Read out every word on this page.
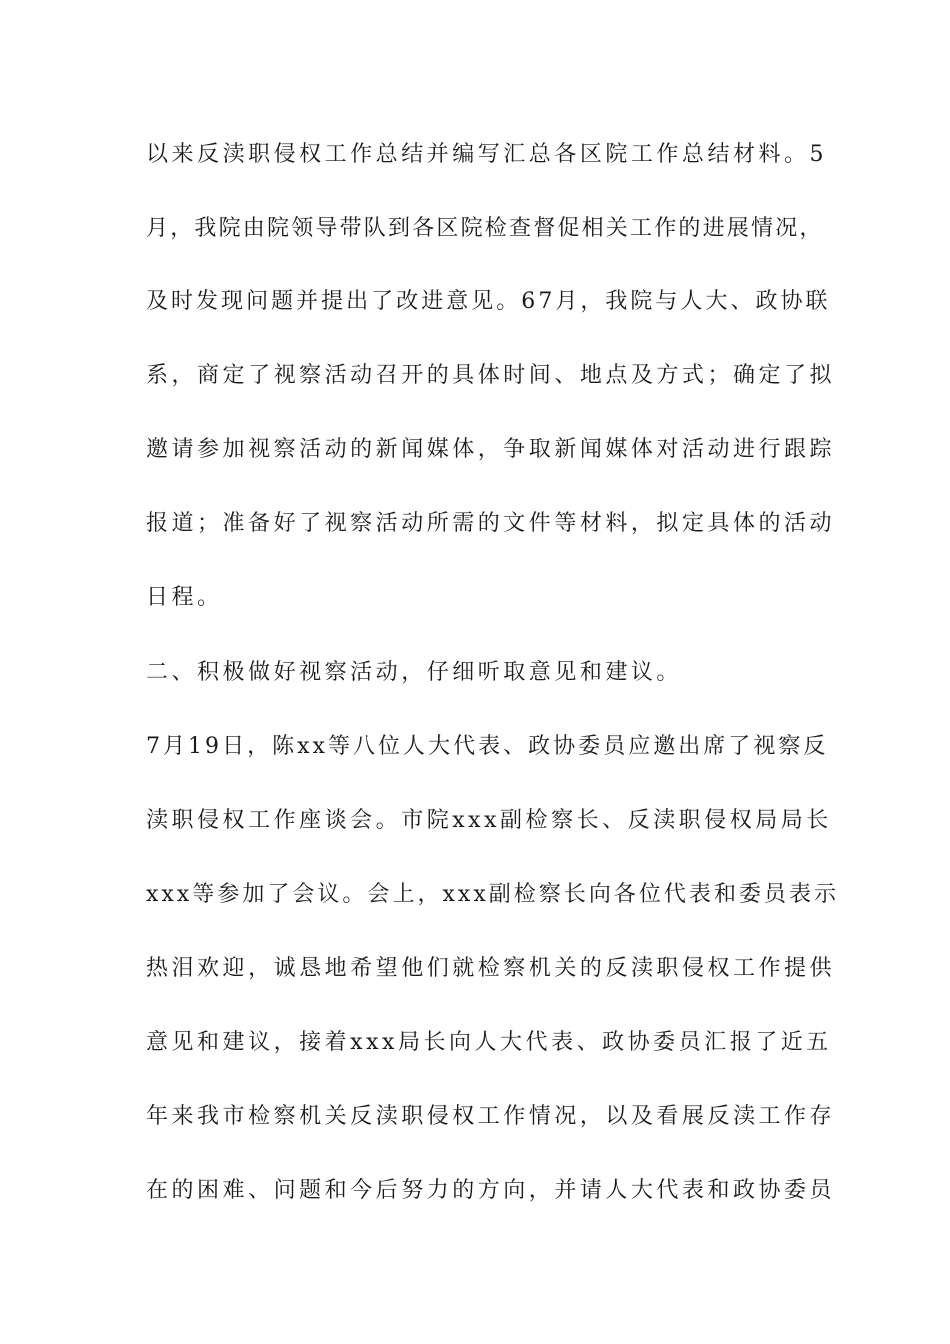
以来反渎职侵权工作总结并编写汇总各区院工作总结材料。5
月，我院由院领导带队到各区院检查督促相关工作的进展情况，
及时发现问题并提出了改进意见。67月，我院与人大、政协联
系，商定了视察活动召开的具体时间、地点及方式；确定了拟
邀请参加视察活动的新闻媒体，争取新闻媒体对活动进行跟踪
报道；准备好了视察活动所需的文件等材料，拟定具体的活动
日程。
二、积极做好视察活动，仔细听取意见和建议。
7月19日，陈xx等八位人大代表、政协委员应邀出席了视察反
渎职侵权工作座谈会。市院xxx副检察长、反渎职侵权局局长
xxx等参加了会议。会上，xxx副检察长向各位代表和委员表示
热泪欢迎，诚恳地希望他们就检察机关的反渎职侵权工作提供
意见和建议，接着xxx局长向人大代表、政协委员汇报了近五
年来我市检察机关反渎职侵权工作情况，以及看展反渎工作存
在的困难、问题和今后努力的方向，并请人大代表和政协委员
